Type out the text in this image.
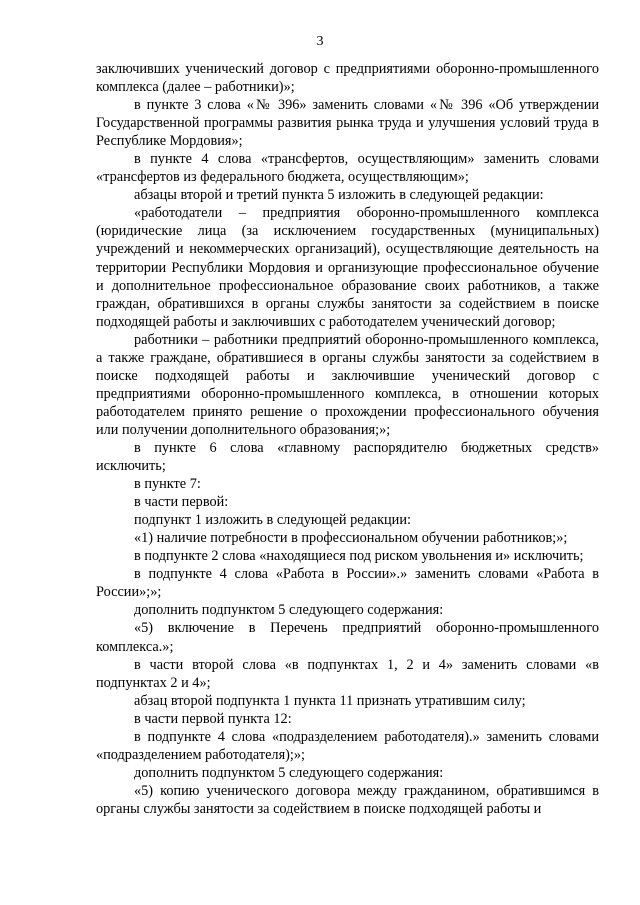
3

заключивших ученический договор с предприятиями оборонно-промышленного комплекса (далее – работники)»;

в пункте 3 слова «№ 396» заменить словами «№ 396 «Об утверждении Государственной программы развития рынка труда и улучшения условий труда в Республике Мордовия»;

в пункте 4 слова «трансфертов, осуществляющим» заменить словами «трансфертов из федерального бюджета, осуществляющим»;

абзацы второй и третий пункта 5 изложить в следующей редакции:

«работодатели – предприятия оборонно-промышленного комплекса (юридические лица (за исключением государственных (муниципальных) учреждений и некоммерческих организаций), осуществляющие деятельность на территории Республики Мордовия и организующие профессиональное обучение и дополнительное профессиональное образование своих работников, а также граждан, обратившихся в органы службы занятости за содействием в поиске подходящей работы и заключивших с работодателем ученический договор;

работники – работники предприятий оборонно-промышленного комплекса, а также граждане, обратившиеся в органы службы занятости за содействием в поиске подходящей работы и заключившие ученический договор с предприятиями оборонно-промышленного комплекса, в отношении которых работодателем принято решение о прохождении профессионального обучения или получении дополнительного образования;»;

в пункте 6 слова «главному распорядителю бюджетных средств» исключить;

в пункте 7:

в части первой:

подпункт 1 изложить в следующей редакции:

«1) наличие потребности в профессиональном обучении работников;»;

в подпункте 2 слова «находящиеся под риском увольнения и» исключить;

в подпункте 4 слова «Работа в России».» заменить словами «Работа в России»;»;

дополнить подпунктом 5 следующего содержания:

«5) включение в Перечень предприятий оборонно-промышленного комплекса.»;

в части второй слова «в подпунктах 1, 2 и 4» заменить словами «в подпунктах 2 и 4»;

абзац второй подпункта 1 пункта 11 признать утратившим силу;

в части первой пункта 12:

в подпункте 4 слова «подразделением работодателя).» заменить словами «подразделением работодателя);»;

дополнить подпунктом 5 следующего содержания:

«5) копию ученического договора между гражданином, обратившимся в органы службы занятости за содействием в поиске подходящей работы и
